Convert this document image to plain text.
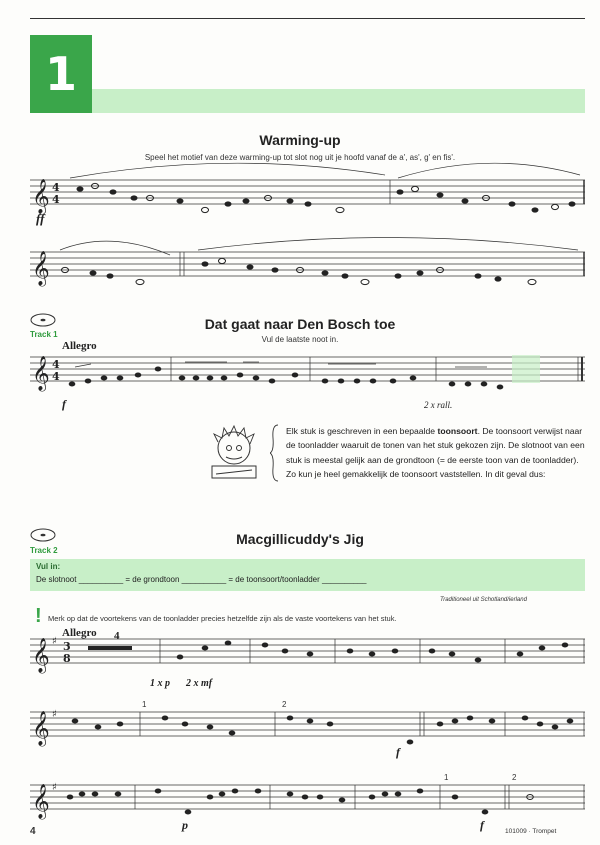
1
Warming-up
Speel het motief van deze warming-up tot slot nog uit je hoofd vanaf de a', as', g' en fis'.
𝄞
𝄞
𝄞
𝄞
𝄞
𝄞
4
4
4
4
3
8
♯
♯
♯
Track 1
Dat gaat naar Den Bosch toe
Vul de laatste noot in.
Allegro
f
ff
2 x rall.
Elk stuk is geschreven in een bepaalde toonsoort. De toonsoort verwijst naar de toonladder waaruit de tonen van het stuk gekozen zijn. De slotnoot van een stuk is meestal gelijk aan de grondtoon (= de eerste toon van de toonladder). Zo kun je heel gemakkelijk de toonsoort vaststellen. In dit geval dus:
Track 2
Macgillicuddy's Jig
Vul in:
De slotnoot __________ = de grondtoon __________ = de toonsoort/toonladder __________
Traditioneel uit Schotland/ierland
! Merk op dat de voortekens van de toonladder precies hetzelfde zijn als de vaste voortekens van het stuk.
Allegro 4
1 x p 2 x mf
f
p	f
1	2
1	2
4	101009 · Trompet
